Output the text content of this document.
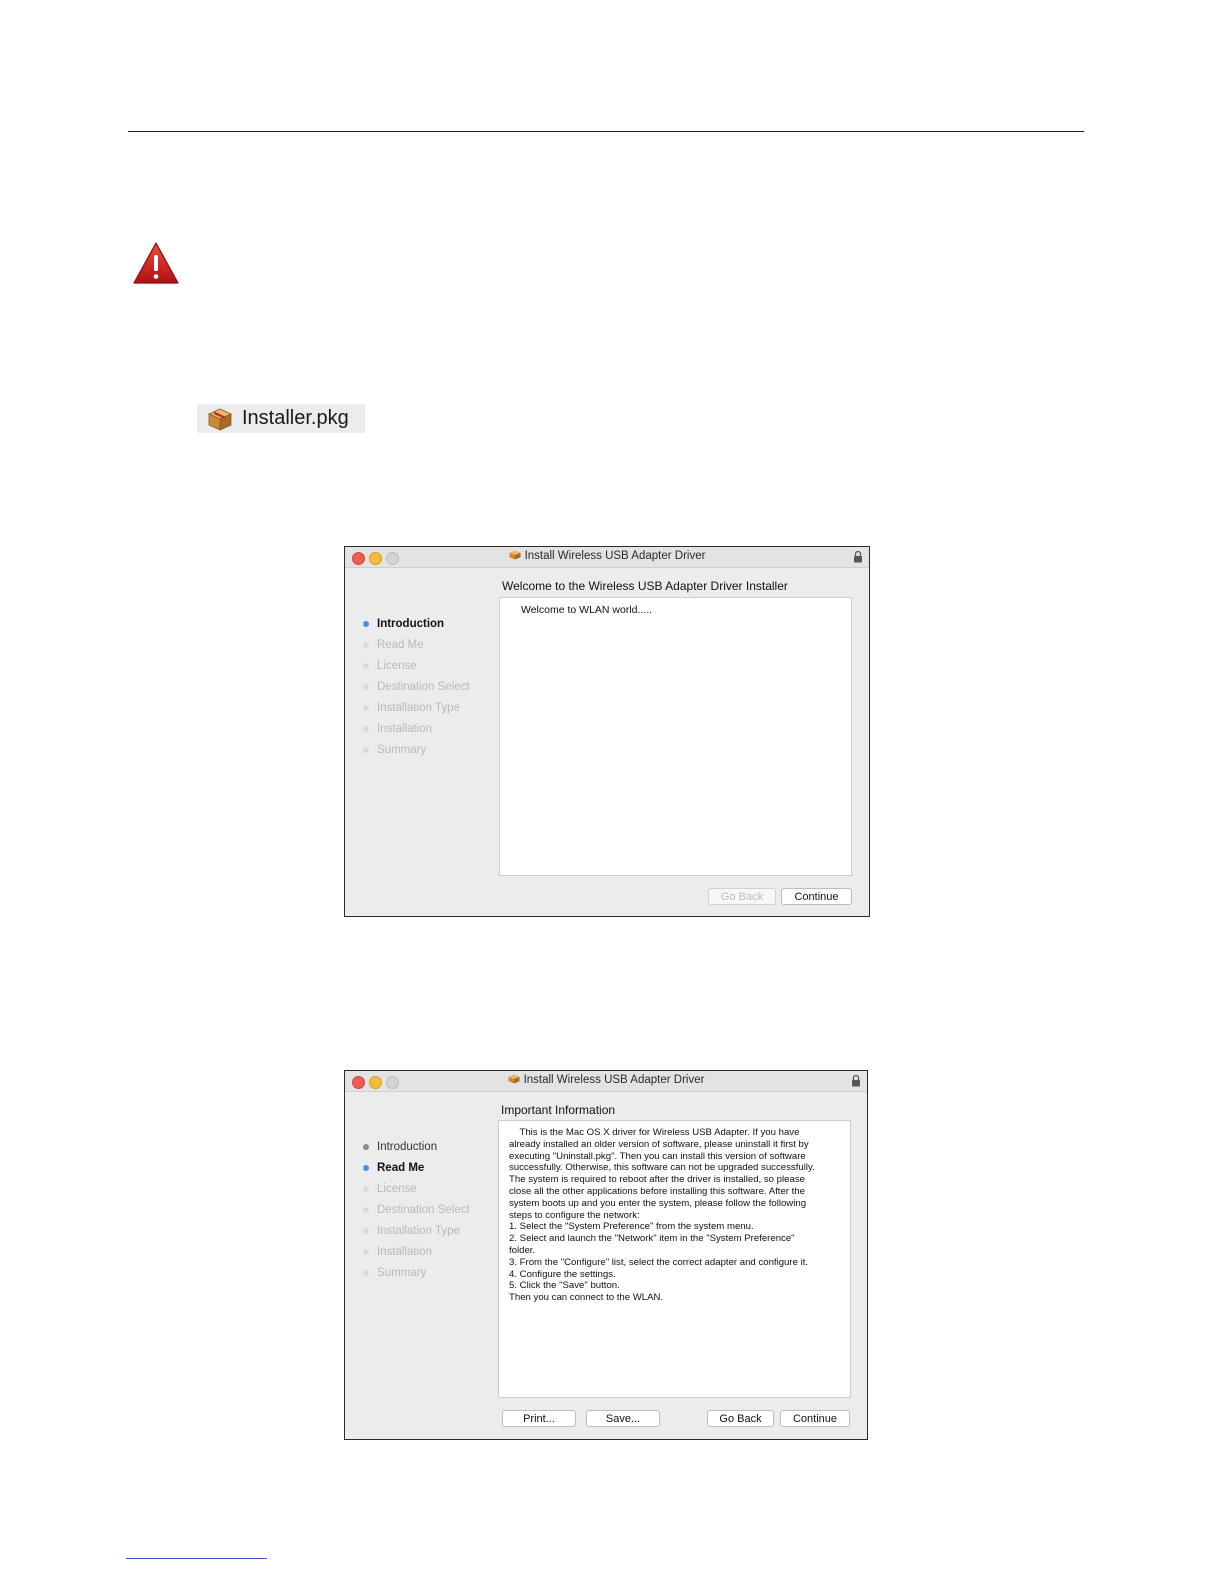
Installer.pkg
Install Wireless USB Adapter Driver
Welcome to the Wireless USB Adapter Driver Installer
Introduction
Read Me
License
Destination Select
Installation Type
Installation
Summary
Welcome to WLAN world.....
Go Back	Continue
Install Wireless USB Adapter Driver
Important Information
Introduction
Read Me
License
Destination Select
Installation Type
Installation
Summary

This is the Mac OS X driver for Wireless USB Adapter. If you have

already installed an older version of software, please uninstall it first by

executing "Uninstall.pkg". Then you can install this version of software

successfully. Otherwise, this software can not be upgraded successfully.

The system is required to reboot after the driver is installed, so please

close all the other applications before installing this software. After the

system boots up and you enter the system, please follow the following

steps to configure the network:

1. Select the "System Preference" from the system menu.

2. Select and launch the "Network" item in the "System Preference"

folder.

3. From the "Configure" list, select the correct adapter and configure it.

4. Configure the settings.

5. Click the "Save" button.

Then you can connect to the WLAN.

Print...	Save...	Go Back	Continue
